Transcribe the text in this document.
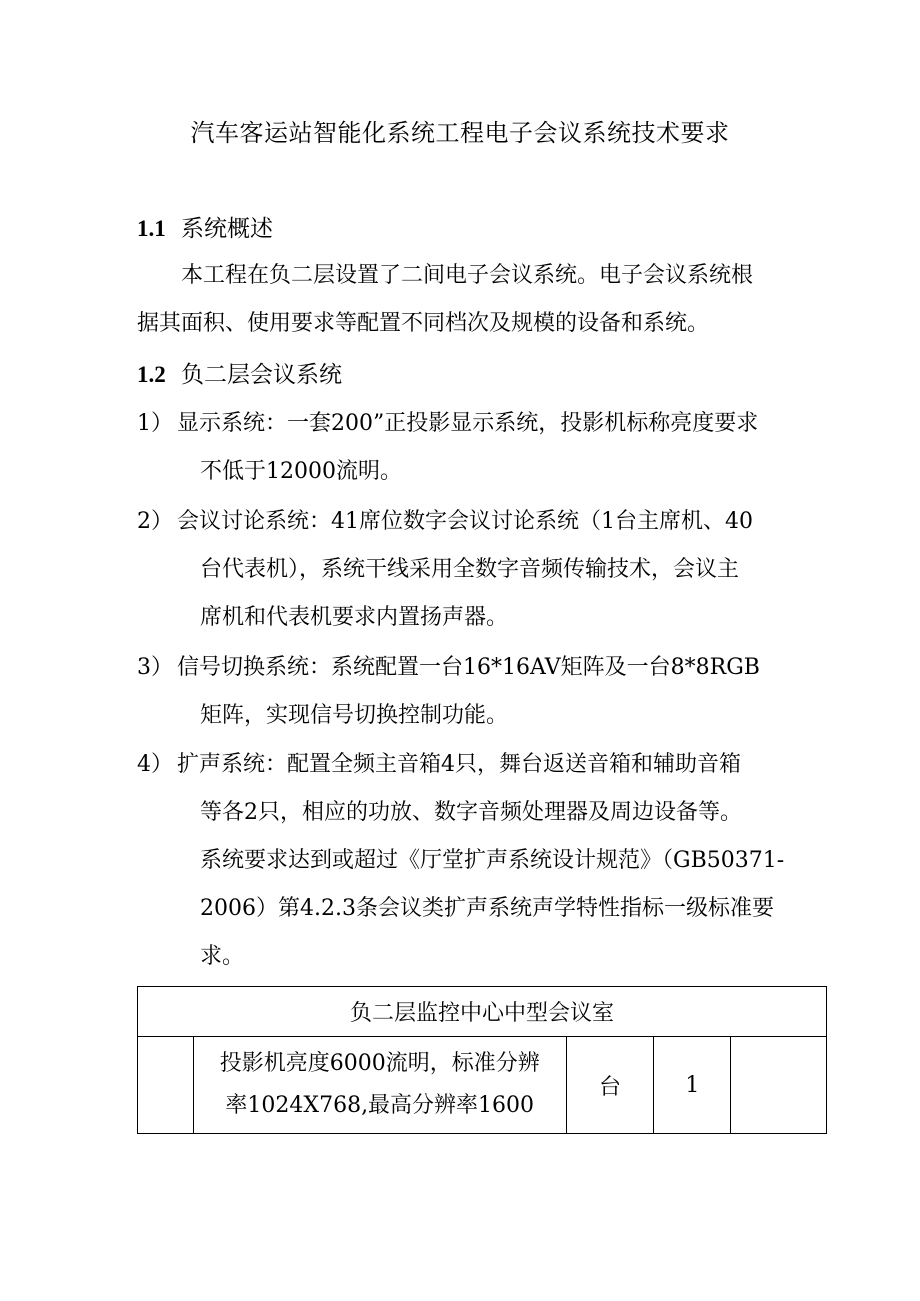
汽车客运站智能化系统工程电子会议系统技术要求
1.1 系统概述
本工程在负二层设置了二间电子会议系统。电子会议系统根
据其面积、使用要求等配置不同档次及规模的设备和系统。
1.2 负二层会议系统
1） 显示系统：一套200”正投影显示系统，投影机标称亮度要求
不低于12000流明。
2） 会议讨论系统：41席位数字会议讨论系统（1台主席机、40
台代表机），系统干线采用全数字音频传输技术，会议主
席机和代表机要求内置扬声器。
3） 信号切换系统：系统配置一台16*16AV矩阵及一台8*8RGB
矩阵，实现信号切换控制功能。
4） 扩声系统：配置全频主音箱4只，舞台返送音箱和辅助音箱
等各2只，相应的功放、数字音频处理器及周边设备等。
系统要求达到或超过《厅堂扩声系统设计规范》（GB50371-
2006）第4.2.3条会议类扩声系统声学特性指标一级标准要
求。
负二层监控中心中型会议室

投影机亮度6000流明，标准分辨
率1024X768,最高分辨率1600
	台	1	
